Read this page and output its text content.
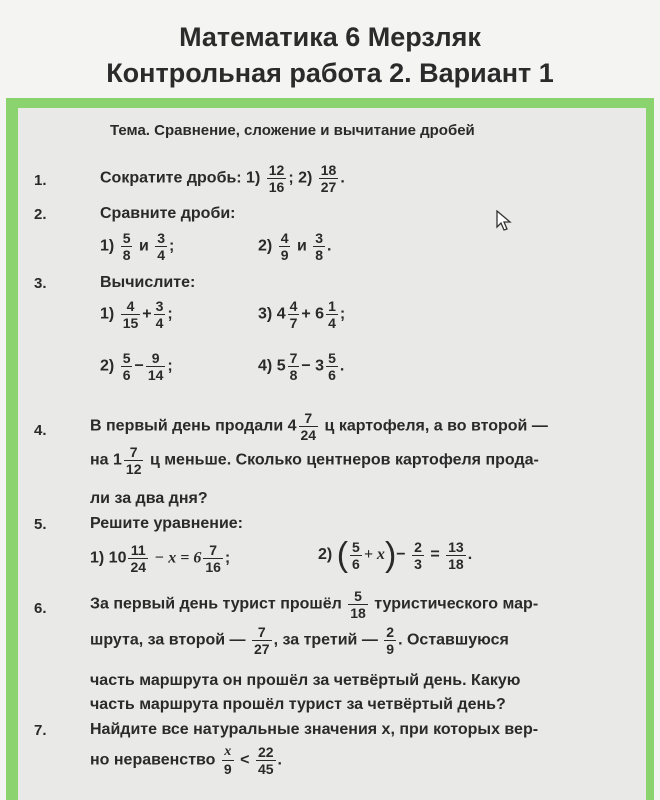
Математика 6 Мерзляк
Контрольная работа 2. Вариант 1
Тема. Сравнение, сложение и вычитание дробей
1.	Сократите дробь: $1) \frac{12}{16}$ ; $2) \frac{18}{27}$ .
2.	Сравните дроби:
$1) \frac{5}{8}$ и $\frac{3}{4}$ ;	$2) \frac{4}{9}$ и $\frac{3}{8}$ .
3.	Вычислите:
$1) \frac{4}{15} + \frac{3}{4}$ ;	3) $4 \frac{4}{7} + 6 \frac{1}{4}$ ;
$2) \frac{5}{6} - \frac{9}{14}$ ;	4) $5 \frac{7}{8} - 3 \frac{5}{6}$ .
4.	В первый день продали $4 \frac{7}{24}$ ц картофеля, а во второй —
на $1 \frac{7}{12}$ ц меньше. Сколько центнеров картофеля прода-
ли за два дня?
5.	Решите уравнение:
1) $10 \frac{11}{24} - x = 6 \frac{7}{16}$ ;	2) ( $\frac{5}{6} + x)- \frac{2}{3} = \frac{13}{18}$ .
6.	За первый день турист прошёл $\frac{5}{18}$ туристического мар-
шрута, за второй — $\frac{7}{27}$ , за третий — $\frac{2}{9}$ . Оставшуюся
часть маршрута он прошёл за четвёртый день. Какую
часть маршрута прошёл турист за четвёртый день?
7.	Найдите все натуральные значения x, при которых вер-
но неравенство $\frac{x}{9} < \frac{22}{45}$ .
